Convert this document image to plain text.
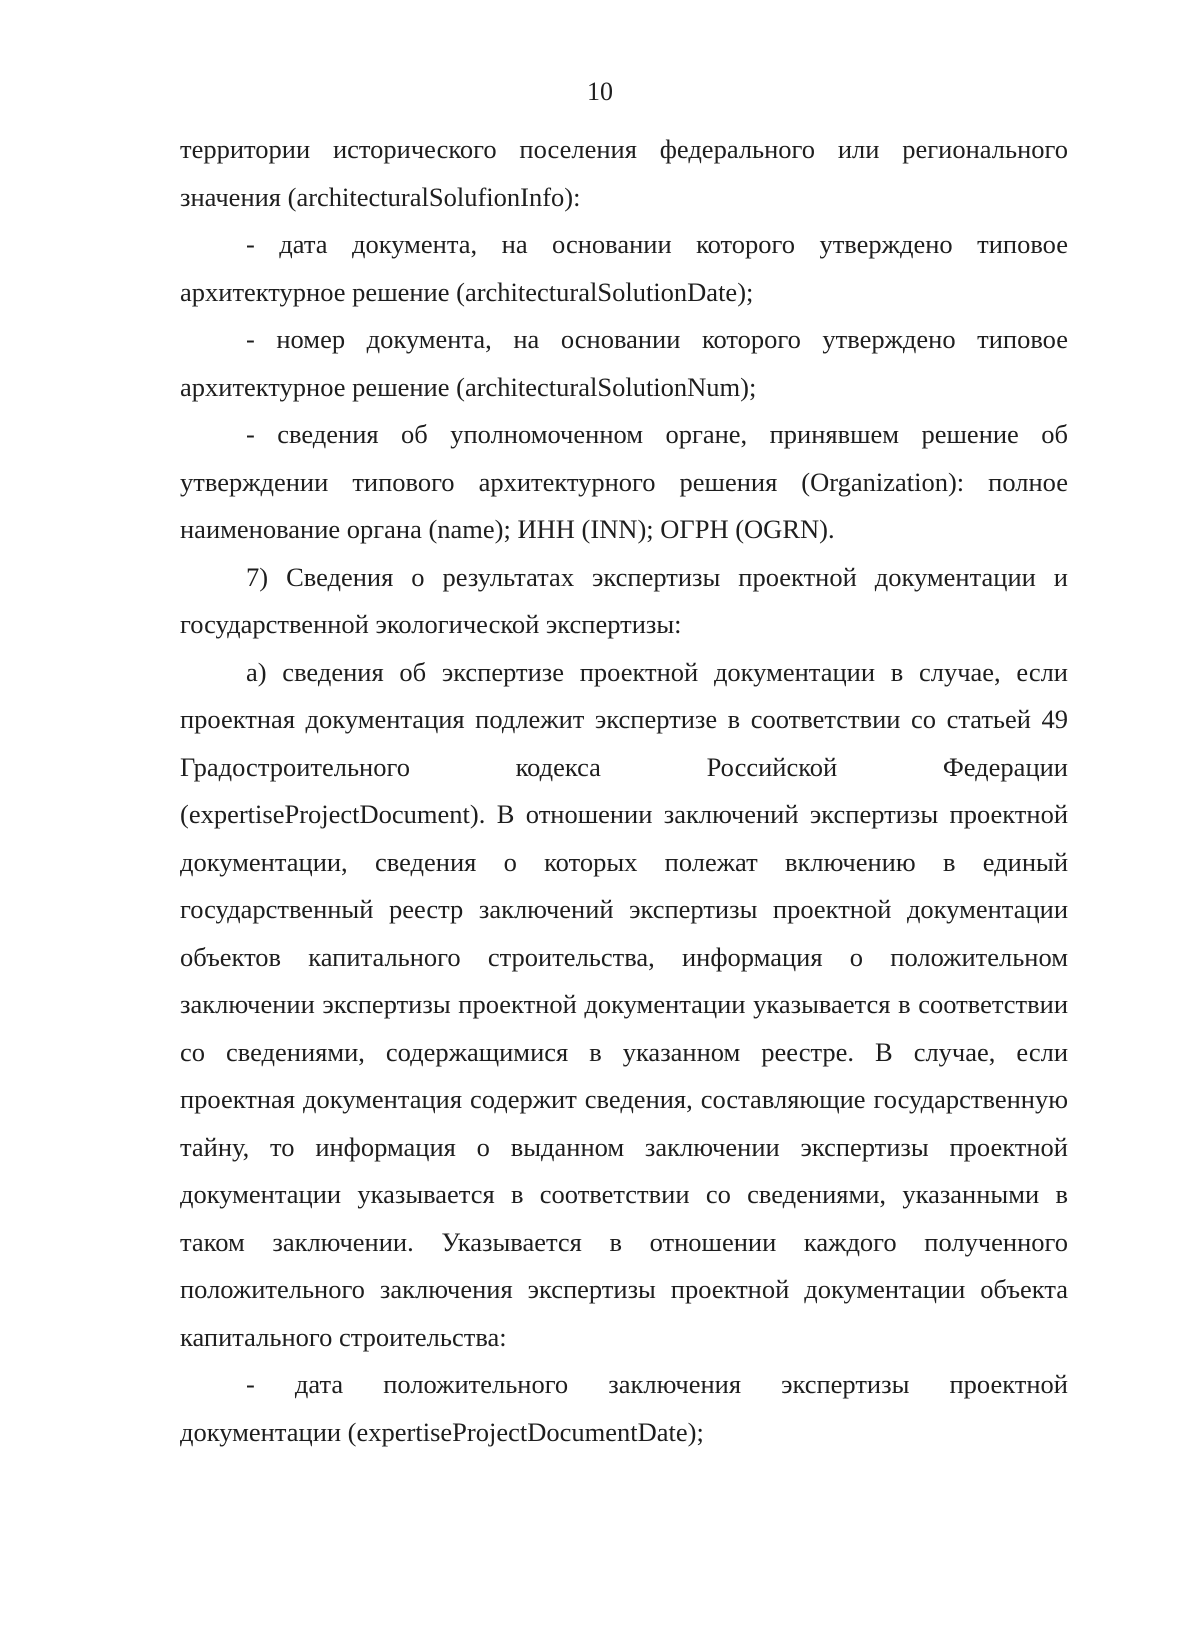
10

территории исторического поселения федерального или регионального значения (architecturalSolufionInfo):

- дата документа, на основании которого утверждено типовое архитектурное решение (architecturalSolutionDate);

- номер документа, на основании которого утверждено типовое архитектурное решение (architecturalSolutionNum);

- сведения об уполномоченном органе, принявшем решение об утверждении типового архитектурного решения (Organization): полное наименование органа (name); ИНН (INN); ОГРН (OGRN).

7) Сведения о результатах экспертизы проектной документации и государственной экологической экспертизы:

а) сведения об экспертизе проектной документации в случае, если проектная документация подлежит экспертизе в соответствии со статьей 49 Градостроительного кодекса Российской Федерации (expertiseProjectDocument). В отношении заключений экспертизы проектной документации, сведения о которых полежат включению в единый государственный реестр заключений экспертизы проектной документации объектов капитального строительства, информация о положительном заключении экспертизы проектной документации указывается в соответствии со сведениями, содержащимися в указанном реестре. В случае, если проектная документация содержит сведения, составляющие государственную тайну, то информация о выданном заключении экспертизы проектной документации указывается в соответствии со сведениями, указанными в таком заключении. Указывается в отношении каждого полученного положительного заключения экспертизы проектной документации объекта капитального строительства:

- дата положительного заключения экспертизы проектной

документации (expertiseProjectDocumentDate);
